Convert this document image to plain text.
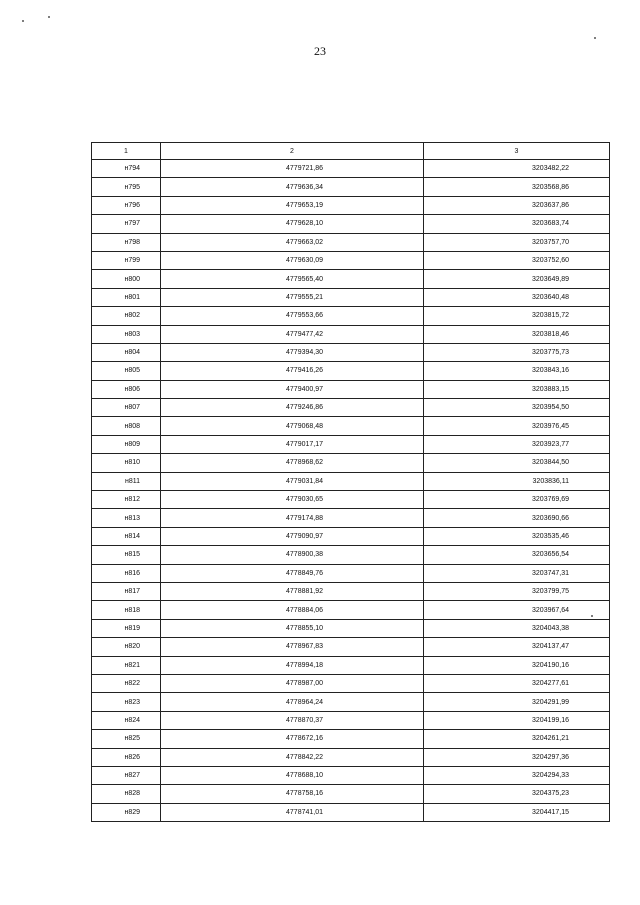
23
1	2	3
н794	4779721,86	3203482,22
н795	4779636,34	3203568,86
н796	4779653,19	3203637,86
н797	4779628,10	3203683,74
н798	4779663,02	3203757,70
н799	4779630,09	3203752,60
н800	4779565,40	3203649,89
н801	4779555,21	3203640,48
н802	4779553,66	3203815,72
н803	4779477,42	3203818,46
н804	4779394,30	3203775,73
н805	4779416,26	3203843,16
н806	4779400,97	3203883,15
н807	4779246,86	3203954,50
н808	4779068,48	3203976,45
н809	4779017,17	3203923,77
н810	4778968,62	3203844,50
н811	4779031,84	3203836,11
н812	4779030,65	3203769,69
н813	4779174,88	3203690,66
н814	4779090,97	3203535,46
н815	4778900,38	3203656,54
н816	4778849,76	3203747,31
н817	4778881,92	3203799,75
н818	4778884,06	3203967,64
н819	4778855,10	3204043,38
н820	4778967,83	3204137,47
н821	4778994,18	3204190,16
н822	4778987,00	3204277,61
н823	4778964,24	3204291,99
н824	4778870,37	3204199,16
н825	4778672,16	3204261,21
н826	4778842,22	3204297,36
н827	4778688,10	3204294,33
н828	4778758,16	3204375,23
н829	4778741,01	3204417,15
